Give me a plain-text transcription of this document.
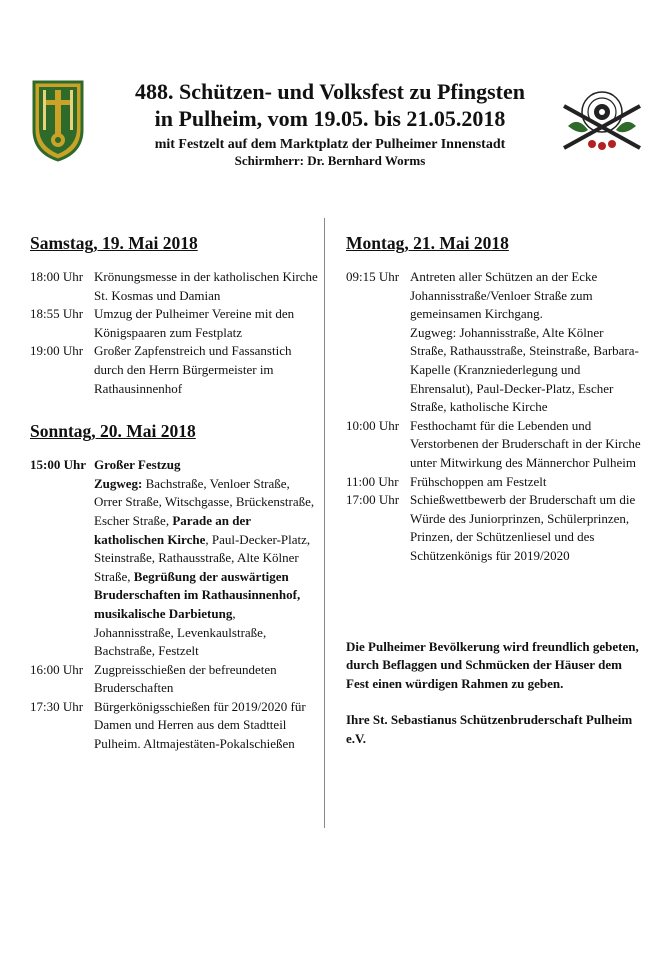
488. Schützen- und Volksfest zu Pfingsten
in Pulheim, vom 19.05. bis 21.05.2018
mit Festzelt auf dem Marktplatz der Pulheimer Innenstadt
Schirmherr: Dr. Bernhard Worms
Samstag, 19. Mai 2018
18:00 Uhr Krönungsmesse in der katholischen Kirche St. Kosmas und Damian
18:55 Uhr Umzug der Pulheimer Vereine mit den Königspaaren zum Festplatz
19:00 Uhr Großer Zapfenstreich und Fassanstich durch den Herrn Bürgermeister im Rathausinnenhof
Sonntag, 20. Mai 2018
15:00 Uhr Großer Festzug
Zugweg: Bachstraße, Venloer Straße, Orrer Straße, Witschgasse, Brückenstraße, Escher Straße, Parade an der katholischen Kirche, Paul-Decker-Platz, Steinstraße, Rathausstraße, Alte Kölner Straße, Begrüßung der auswärtigen Bruderschaften im Rathausinnenhof, musikalische Darbietung, Johannisstraße, Levenkaulstraße, Bachstraße, Festzelt
16:00 Uhr Zugpreisschießen der befreundeten Bruderschaften
17:30 Uhr Bürgerkönigsschießen für 2019/2020 für Damen und Herren aus dem Stadtteil Pulheim. Altmajestäten-Pokalschießen
Montag, 21. Mai 2018
09:15 Uhr Antreten aller Schützen an der Ecke Johannisstraße/Venloer Straße zum gemeinsamen Kirchgang.
Zugweg: Johannisstraße, Alte Kölner Straße, Rathausstraße, Steinstraße, Barbara-Kapelle (Kranzniederlegung und Ehrensalut), Paul-Decker-Platz, Escher Straße, katholische Kirche
10:00 Uhr Festhochamt für die Lebenden und Verstorbenen der Bruderschaft in der Kirche unter Mitwirkung des Männerchor Pulheim
11:00 Uhr Frühschoppen am Festzelt
17:00 Uhr Schießwettbewerb der Bruderschaft um die Würde des Juniorprinzen, Schülerprinzen, Prinzen, der Schützenliesel und des Schützenkönigs für 2019/2020
Die Pulheimer Bevölkerung wird freundlich gebeten, durch Beflaggen und Schmücken der Häuser dem Fest einen würdigen Rahmen zu geben.
Ihre St. Sebastianus Schützenbruderschaft Pulheim e.V.
